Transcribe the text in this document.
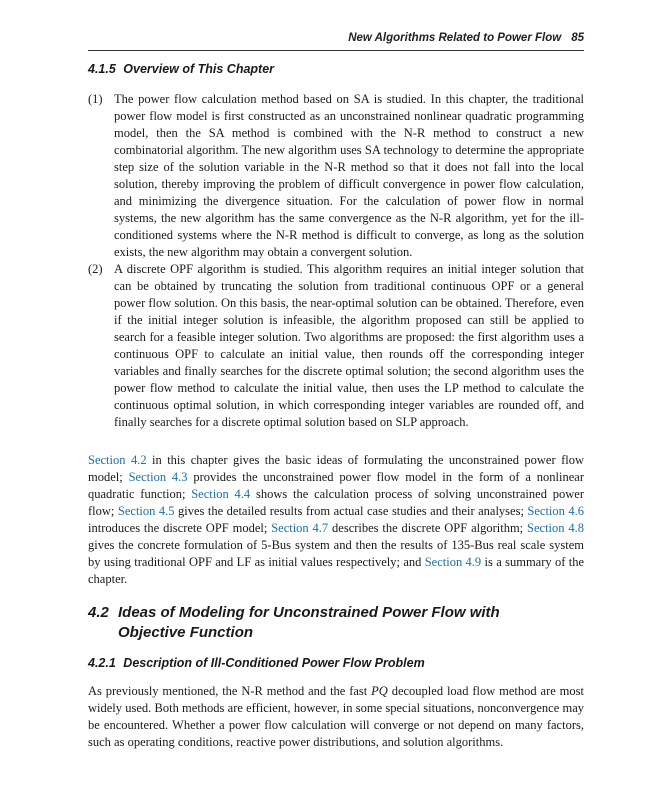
New Algorithms Related to Power Flow 85
4.1.5 Overview of This Chapter
(1) The power flow calculation method based on SA is studied. In this chapter, the traditional power flow model is first constructed as an unconstrained nonlinear quadratic programming model, then the SA method is combined with the N-R method to construct a new combinatorial algorithm. The new algorithm uses SA technology to determine the appropriate step size of the solution variable in the N-R method so that it does not fall into the local solution, thereby improving the problem of difficult convergence in power flow calculation, and minimizing the divergence situation. For the calculation of power flow in normal systems, the new algorithm has the same convergence as the N-R algorithm, yet for the ill-conditioned systems where the N-R method is difficult to converge, as long as the solution exists, the new algorithm may obtain a convergent solution.
(2) A discrete OPF algorithm is studied. This algorithm requires an initial integer solution that can be obtained by truncating the solution from traditional continuous OPF or a general power flow solution. On this basis, the near-optimal solution can be obtained. Therefore, even if the initial integer solution is infeasible, the algorithm proposed can still be applied to search for a feasible integer solution. Two algorithms are proposed: the first algorithm uses a continuous OPF to calculate an initial value, then rounds off the corresponding integer variables and finally searches for the discrete optimal solution; the second algorithm uses the power flow method to calculate the initial value, then uses the LP method to calculate the continuous optimal solution, in which corresponding integer variables are rounded off, and finally searches for a discrete optimal solution based on SLP approach.
Section 4.2 in this chapter gives the basic ideas of formulating the unconstrained power flow model; Section 4.3 provides the unconstrained power flow model in the form of a nonlinear quadratic function; Section 4.4 shows the calculation process of solving unconstrained power flow; Section 4.5 gives the detailed results from actual case studies and their analyses; Section 4.6 introduces the discrete OPF model; Section 4.7 describes the discrete OPF algorithm; Section 4.8 gives the concrete formulation of 5-Bus system and then the results of 135-Bus real scale system by using traditional OPF and LF as initial values respectively; and Section 4.9 is a summary of the chapter.
4.2 Ideas of Modeling for Unconstrained Power Flow with
Objective Function
4.2.1 Description of Ill-Conditioned Power Flow Problem
As previously mentioned, the N-R method and the fast PQ decoupled load flow method are most widely used. Both methods are efficient, however, in some special situations, nonconvergence may be encountered. Whether a power flow calculation will converge or not depend on many factors, such as operating conditions, reactive power distributions, and solution algorithms.
